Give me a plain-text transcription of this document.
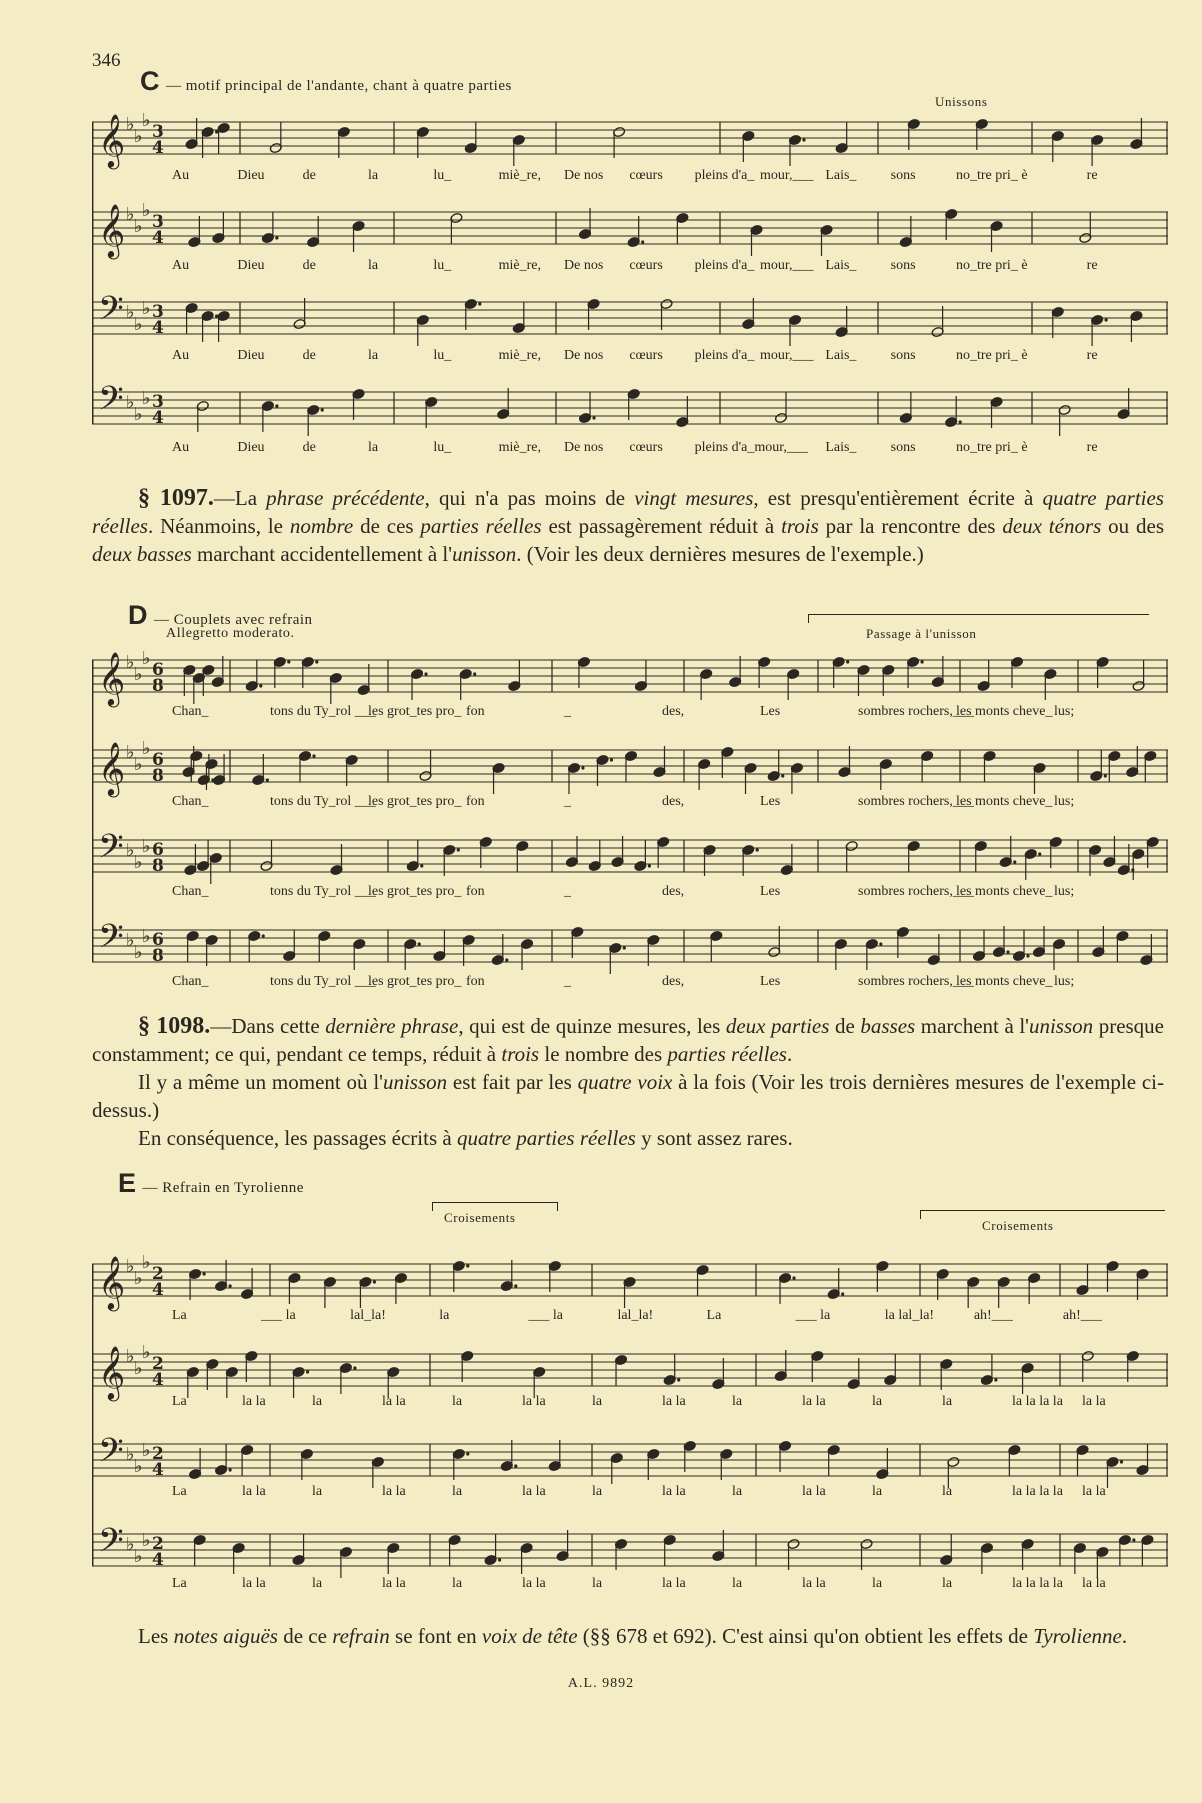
346
C — motif principal de l'andante, chant à quatre parties
Unissons
𝄞 ♭
♭
♭
3
4
𝄞 ♭
♭
♭
3
4
𝄢 ♭
♭
♭ 3
4
𝄢 ♭
♭
♭ 3
4
Au	Dieu	de	la	lu_	miè_re, De nos cœurs pleins d'a_ mour,___ Lais_ sons	no_tre pri_ è	re
Au	Dieu	de	la	lu_	miè_re, De nos cœurs pleins d'a_ mour,___ Lais_ sons	no_tre pri_ è	re
Au	Dieu	de	la	lu_	miè_re, De nos cœurs pleins d'a_ mour,___ Lais_ sons	no_tre pri_ è	re
Au	Dieu	de	la	lu_	miè_re, De nos cœurs pleins d'a_mour,___ Lais_ sons	no_tre pri_ è	re

§ 1097.—La phrase précédente, qui n'a pas moins de vingt mesures, est presqu'entièrement écrite à quatre parties réelles. Néanmoins, le nombre de ces parties réelles est passagèrement réduit à trois par la rencontre des deux ténors ou des deux basses marchant accidentellement à l'unisson. (Voir les deux dernières mesures de l'exemple.)

D — Couplets avec refrain
Allegretto moderato.	Passage à l'unisson
𝄞 ♭
♭
♭
6
8
𝄞 ♭
♭
♭
6
8
𝄢 ♭
♭
♭ 6
8
𝄢 ♭
♭
♭ 6
8
Chan_	tons du Ty_rol ___
les grot_tes pro_ fon	_	des,	Les	sombres rochers,___
les monts cheve_ lus;
Chan_	tons du Ty_rol ___
les grot_tes pro_ fon	_	des,	Les	sombres rochers,___
les monts cheve_ lus;
Chan_	tons du Ty_rol ___
les grot_tes pro_ fon	_	des,	Les	sombres rochers,___
les monts cheve_ lus;
Chan_	tons du Ty_rol ___
les grot_tes pro_ fon	_	des,	Les	sombres rochers,___
les monts cheve_ lus;

§ 1098.—Dans cette dernière phrase, qui est de quinze mesures, les deux parties de basses marchent à l'unisson presque constamment; ce qui, pendant ce temps, réduit à trois le nombre des parties réelles.

Il y a même un moment où l'unisson est fait par les quatre voix à la fois (Voir les trois dernières mesures de l'exemple ci-dessus.)

En conséquence, les passages écrits à quatre parties réelles y sont assez rares.

E — Refrain en Tyrolienne
Croisements
Croisements
𝄞 ♭
♭
♭
2
4
𝄞 ♭
♭
♭
2
4
𝄢 ♭
♭
♭ 2
4
𝄢 ♭
♭
♭ 2
4
La	___ la	lal_la!	la	___ la	lal_la!	La	___ la	la lal_la!	ah!___	ah!___
La	la la	la	la la	la	la la	la	la la	la	la la	la	la	la la la la la la
La	la la	la	la la	la	la la	la	la la	la	la la	la	la	la la la la la la
La	la la	la	la la	la	la la	la	la la	la	la la	la	la	la la la la la la

Les notes aiguës de ce refrain se font en voix de tête (§§ 678 et 692). C'est ainsi qu'on obtient les effets de Tyrolienne.

A.L. 9892
